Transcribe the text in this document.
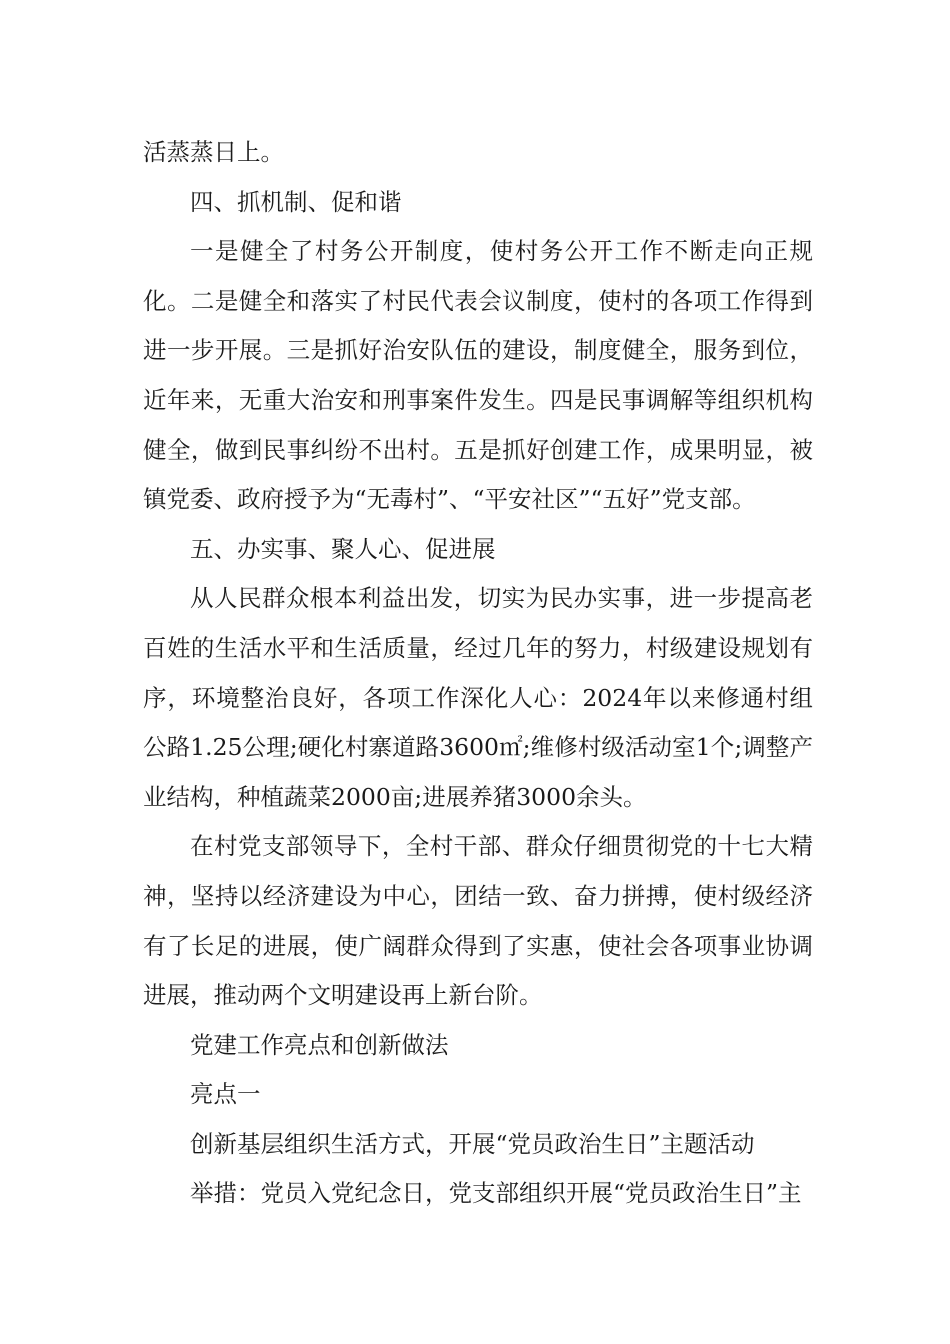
活蒸蒸日上。

四、抓机制、促和谐

一是健全了村务公开制度，使村务公开工作不断走向正规化。二是健全和落实了村民代表会议制度，使村的各项工作得到进一步开展。三是抓好治安队伍的建设，制度健全，服务到位，近年来，无重大治安和刑事案件发生。四是民事调解等组织机构健全，做到民事纠纷不出村。五是抓好创建工作，成果明显，被镇党委、政府授予为“无毒村”、“平安社区”“五好”党支部。

五、办实事、聚人心、促进展

从人民群众根本利益出发，切实为民办实事，进一步提高老百姓的生活水平和生活质量，经过几年的努力，村级建设规划有序，环境整治良好，各项工作深化人心：2024年以来修通村组公路1.25公理;硬化村寨道路3600㎡;维修村级活动室1个;调整产业结构，种植蔬菜2000亩;进展养猪3000余头。

在村党支部领导下，全村干部、群众仔细贯彻党的十七大精神，坚持以经济建设为中心，团结一致、奋力拼搏，使村级经济有了长足的进展，使广阔群众得到了实惠，使社会各项事业协调进展，推动两个文明建设再上新台阶。

党建工作亮点和创新做法

亮点一

创新基层组织生活方式，开展“党员政治生日”主题活动

举措：党员入党纪念日，党支部组织开展“党员政治生日”主
